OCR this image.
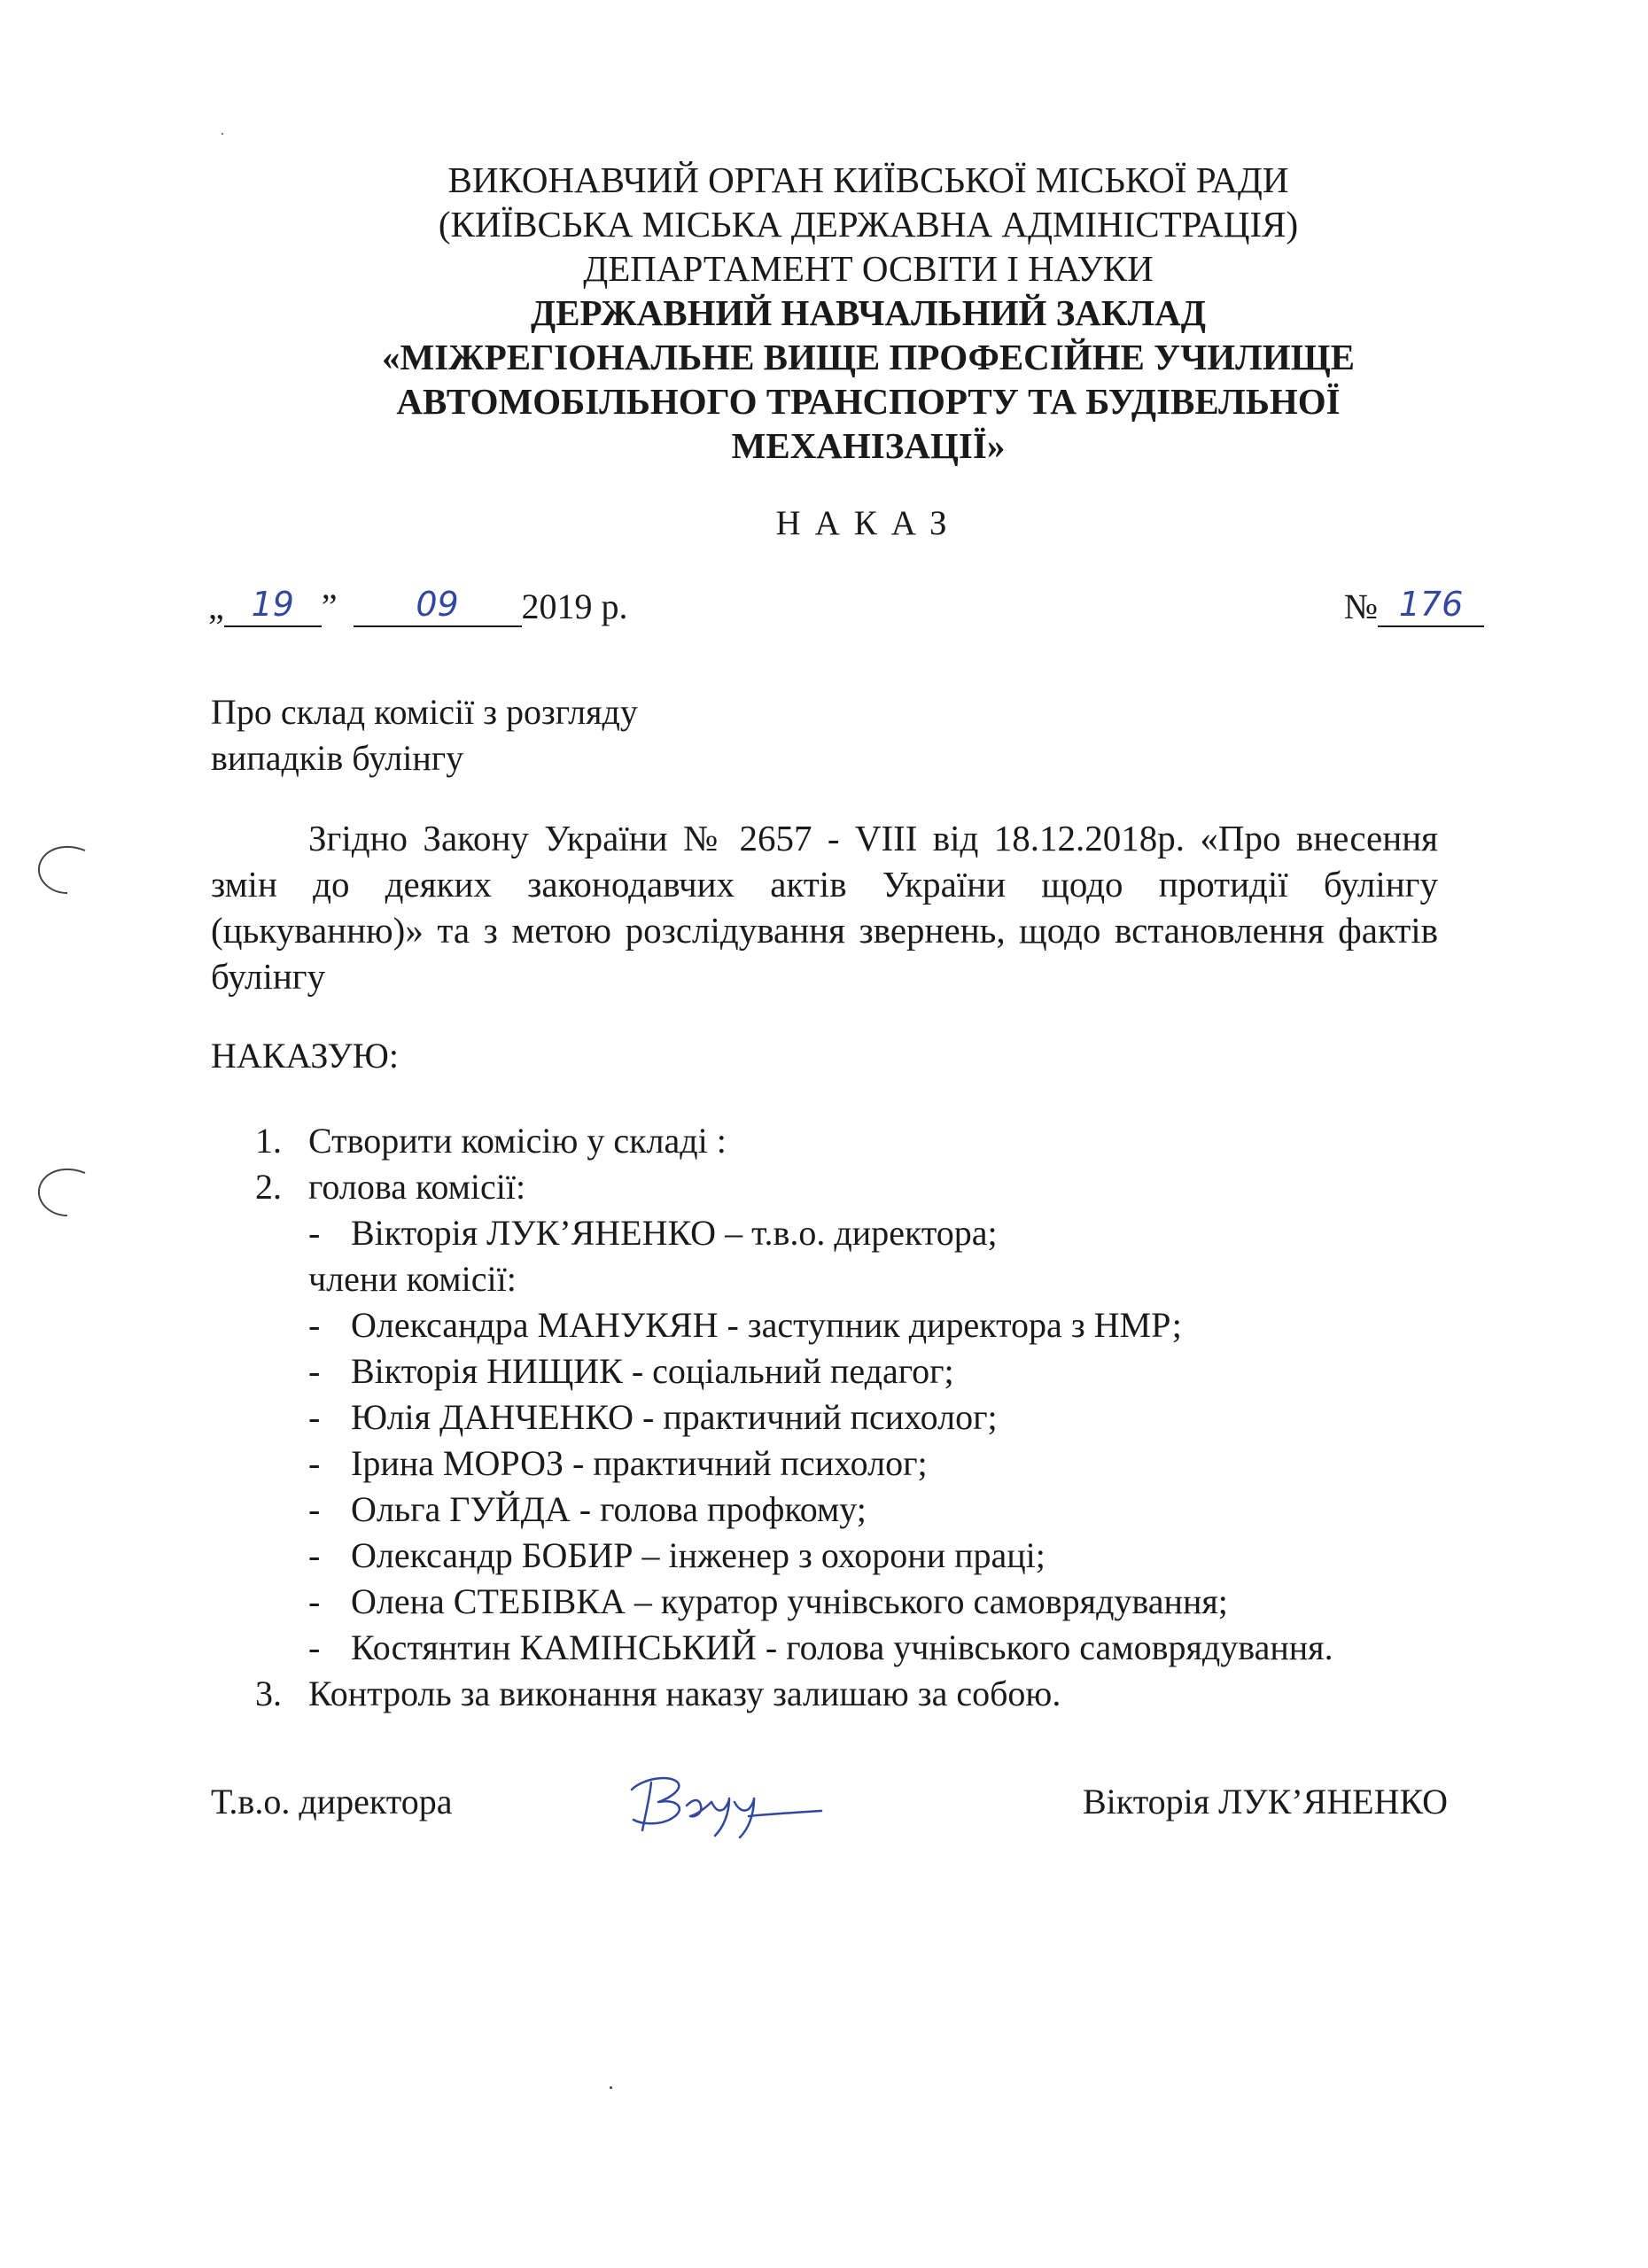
ВИКОНАВЧИЙ ОРГАН КИЇВСЬКОЇ МІСЬКОЇ РАДИ
(КИЇВСЬКА МІСЬКА ДЕРЖАВНА АДМІНІСТРАЦІЯ)
ДЕПАРТАМЕНТ ОСВІТИ І НАУКИ
ДЕРЖАВНИЙ НАВЧАЛЬНИЙ ЗАКЛАД
«МІЖРЕГІОНАЛЬНЕ ВИЩЕ ПРОФЕСІЙНЕ УЧИЛИЩЕ
АВТОМОБІЛЬНОГО ТРАНСПОРТУ ТА БУДІВЕЛЬНОЇ
МЕХАНІЗАЦІЇ»
НАКАЗ
„ 19 ” 09 2019 р.	№ 176
Про склад комісії з розгляду
випадків булінгу
Згідно Закону України № 2657 - VIII від 18.12.2018р. «Про внесення змін до деяких законодавчих актів України щодо протидії булінгу (цькуванню)» та з метою розслідування звернень, щодо встановлення фактів булінгу
НАКАЗУЮ:
1. Створити комісію у складі :
2. голова комісії:
- Вікторія ЛУК’ЯНЕНКО – т.в.о. директора;
члени комісії:
- Олександра МАНУКЯН - заступник директора з НМР;
- Вікторія НИЩИК - соціальний педагог;
- Юлія ДАНЧЕНКО - практичний психолог;
- Ірина МОРОЗ - практичний психолог;
- Ольга ГУЙДА - голова профкому;
- Олександр БОБИР – інженер з охорони праці;
- Олена СТЕБІВКА – куратор учнівського самоврядування;
- Костянтин КАМІНСЬКИЙ - голова учнівського самоврядування.
3. Контроль за виконання наказу залишаю за собою.
Т.в.о. директора	Вікторія ЛУК’ЯНЕНКО
